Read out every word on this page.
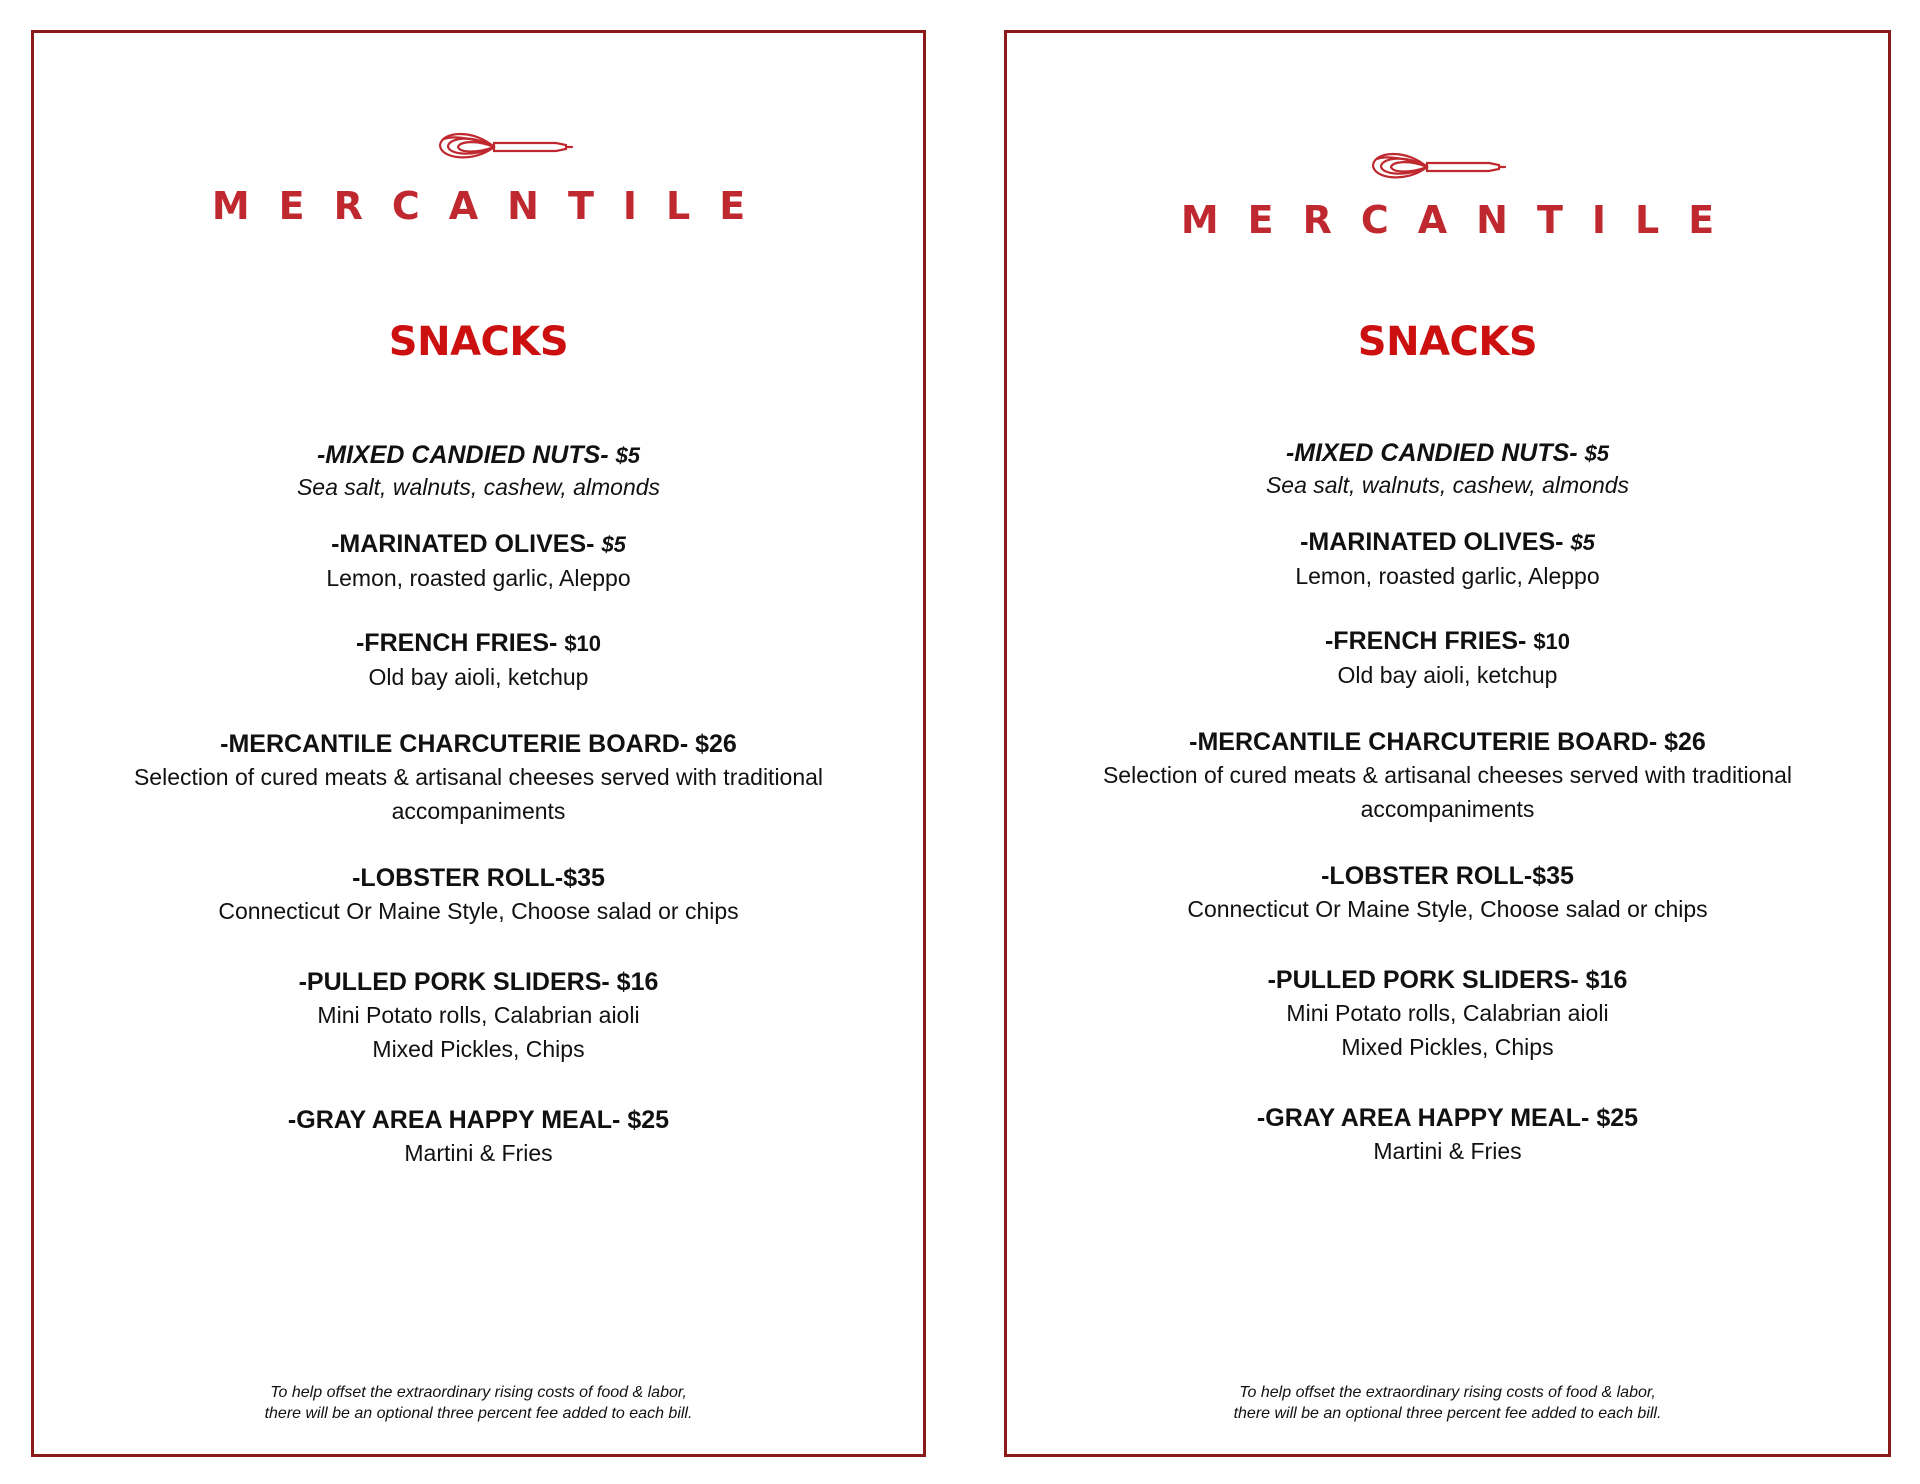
MERCANTILE
SNACKS
-MIXED CANDIED NUTS- $5
Sea salt, walnuts, cashew, almonds
-MARINATED OLIVES- $5
Lemon, roasted garlic, Aleppo
-FRENCH FRIES- $10
Old bay aioli, ketchup
-MERCANTILE CHARCUTERIE BOARD- $26
Selection of cured meats & artisanal cheeses served with traditional accompaniments
-LOBSTER ROLL-$35
Connecticut Or Maine Style, Choose salad or chips
-PULLED PORK SLIDERS- $16
Mini Potato rolls, Calabrian aioli
Mixed Pickles, Chips
-GRAY AREA HAPPY MEAL- $25
Martini & Fries
To help offset the extraordinary rising costs of food & labor,
there will be an optional three percent fee added to each bill.
MERCANTILE
SNACKS
-MIXED CANDIED NUTS- $5
Sea salt, walnuts, cashew, almonds
-MARINATED OLIVES- $5
Lemon, roasted garlic, Aleppo
-FRENCH FRIES- $10
Old bay aioli, ketchup
-MERCANTILE CHARCUTERIE BOARD- $26
Selection of cured meats & artisanal cheeses served with traditional accompaniments
-LOBSTER ROLL-$35
Connecticut Or Maine Style, Choose salad or chips
-PULLED PORK SLIDERS- $16
Mini Potato rolls, Calabrian aioli
Mixed Pickles, Chips
-GRAY AREA HAPPY MEAL- $25
Martini & Fries
To help offset the extraordinary rising costs of food & labor,
there will be an optional three percent fee added to each bill.
